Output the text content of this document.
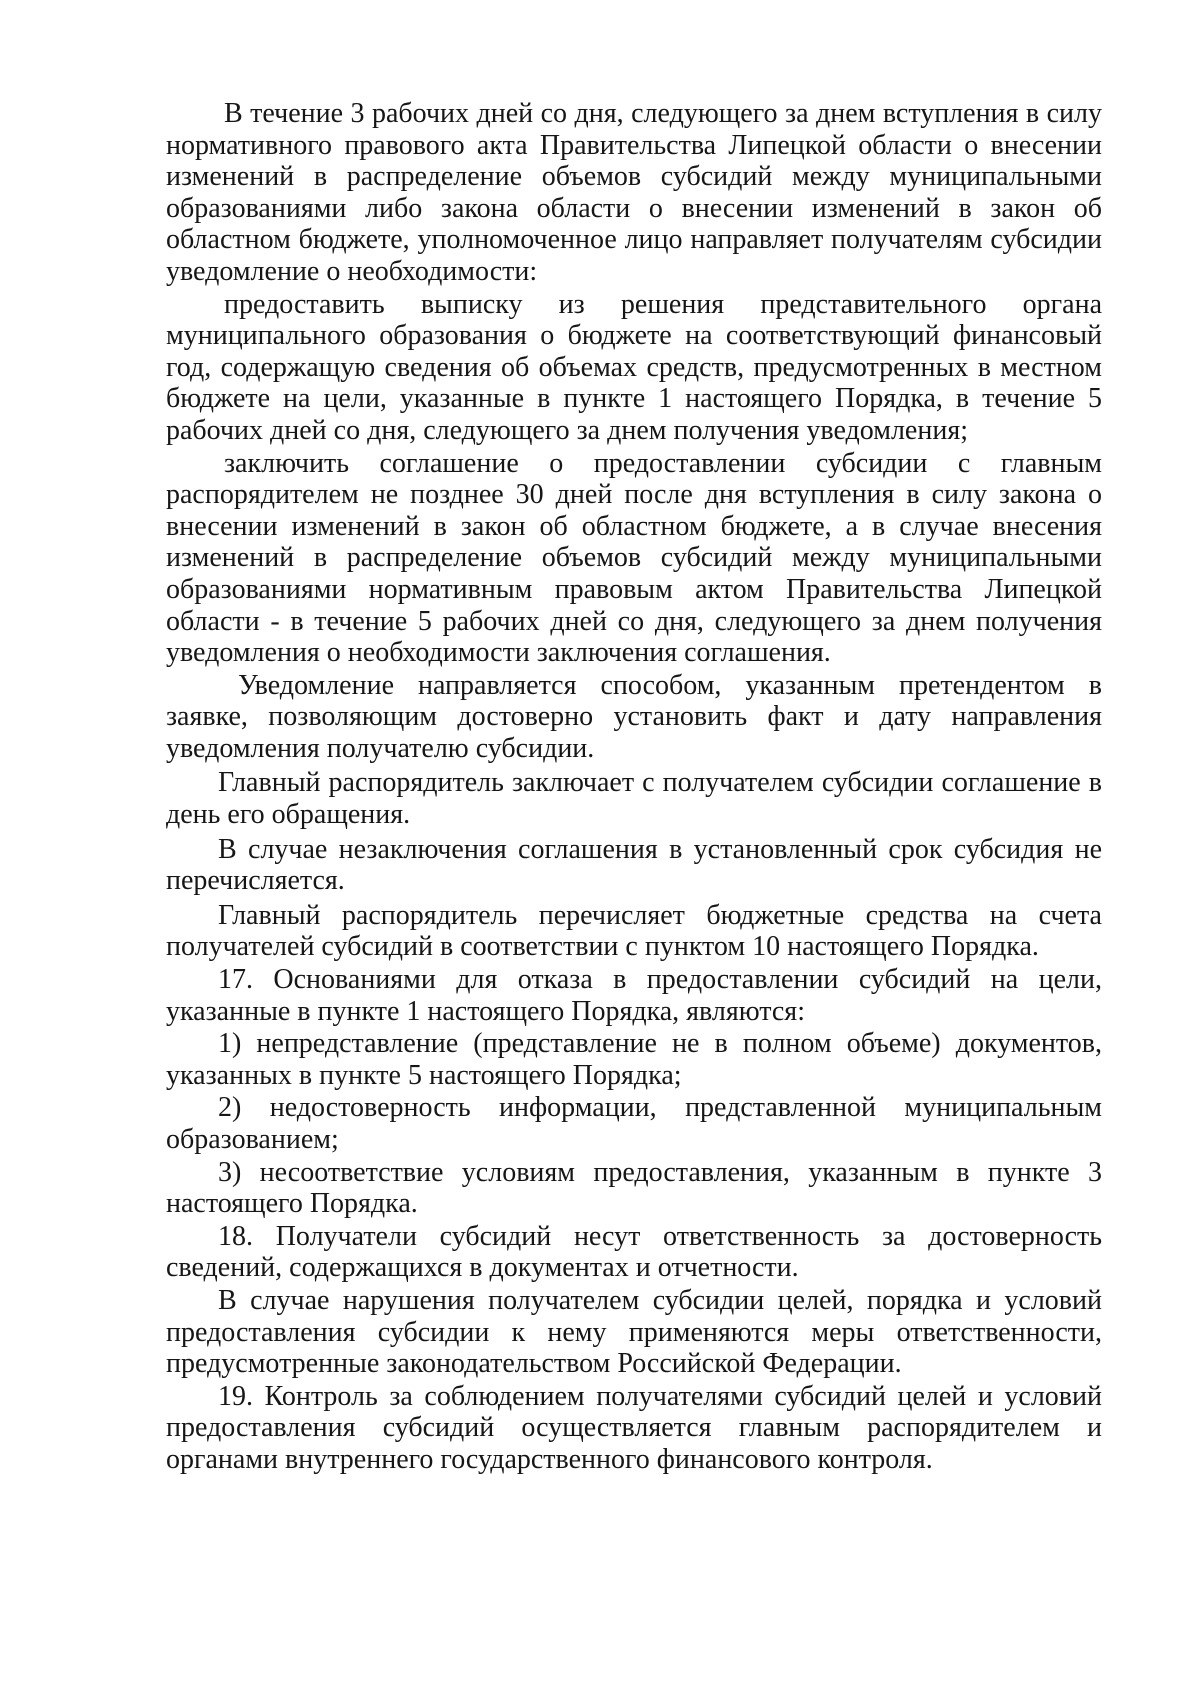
В течение 3 рабочих дней со дня, следующего за днем вступления в силу нормативного правового акта Правительства Липецкой области о внесении изменений в распределение объемов субсидий между муниципальными образованиями либо закона области о внесении изменений в закон об областном бюджете, уполномоченное лицо направляет получателям субсидии уведомление о необходимости:

предоставить выписку из решения представительного органа муниципального образования о бюджете на соответствующий финансовый год, содержащую сведения об объемах средств, предусмотренных в местном бюджете на цели, указанные в пункте 1 настоящего Порядка, в течение 5 рабочих дней со дня, следующего за днем получения уведомления;

заключить соглашение о предоставлении субсидии с главным распорядителем не позднее 30 дней после дня вступления в силу закона о внесении изменений в закон об областном бюджете, а в случае внесения изменений в распределение объемов субсидий между муниципальными образованиями нормативным правовым актом Правительства Липецкой области - в течение 5 рабочих дней со дня, следующего за днем получения уведомления о необходимости заключения соглашения.

Уведомление направляется способом, указанным претендентом в заявке, позволяющим достоверно установить факт и дату направления уведомления получателю субсидии.

Главный распорядитель заключает с получателем субсидии соглашение в день его обращения.

В случае незаключения соглашения в установленный срок субсидия не перечисляется.

Главный распорядитель перечисляет бюджетные средства на счета получателей субсидий в соответствии с пунктом 10 настоящего Порядка.

17. Основаниями для отказа в предоставлении субсидий на цели, указанные в пункте 1 настоящего Порядка, являются:

1) непредставление (представление не в полном объеме) документов, указанных в пункте 5 настоящего Порядка;

2) недостоверность информации, представленной муниципальным образованием;

3) несоответствие условиям предоставления, указанным в пункте 3 настоящего Порядка.

18. Получатели субсидий несут ответственность за достоверность сведений, содержащихся в документах и отчетности.

В случае нарушения получателем субсидии целей, порядка и условий предоставления субсидии к нему применяются меры ответственности, предусмотренные законодательством Российской Федерации.

19. Контроль за соблюдением получателями субсидий целей и условий предоставления субсидий осуществляется главным распорядителем и органами внутреннего государственного финансового контроля.
